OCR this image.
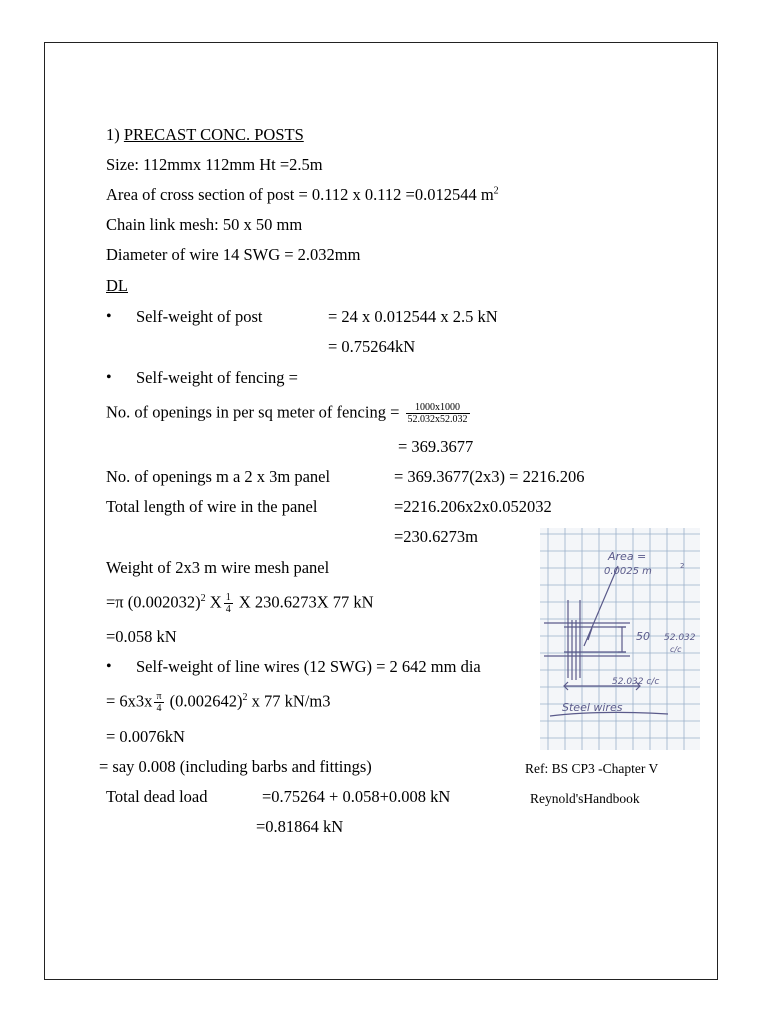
1) PRECAST CONC. POSTS
Size: 112mmx 112mm Ht =2.5m
Area of cross section of post = 0.112 x 0.112 =0.012544 $m^2$
Chain link mesh: 50 x 50 mm
Diameter of wire 14 SWG = 2.032mm
DL
• Self-weight of post	= 24 x 0.012544 x 2.5 kN
= 0.75264kN
• Self-weight of fencing =
No. of openings in per sq meter of fencing = $\frac{1000x1000}{52.032x52.032}$
= 369.3677
No. of openings m a 2 x 3m panel	= 369.3677(2x3) = 2216.206
Total length of wire in the panel	=2216.206x2x0.052032
=230.6273m
Weight of 2x3 m wire mesh panel
=π $(0.002032)^2$ X $\frac{1}{4}$ X 230.6273X 77 kN
=0.058 kN
• Self-weight of line wires (12 SWG) = 2 642 mm dia
= $6x3x \frac{\pi}{4} (0.002642)^2$ x 77 kN/m3
= 0.0076kN
= say 0.008 (including barbs and fittings)	Ref: BS CP3 -Chapter V
Total dead load	=0.75264 + 0.058+0.008 kN	Reynold'sHandbook
=0.81864 kN
Area =
0.0025 m	2
50 52.032
c/c
52.032 c/c
Steel wires
